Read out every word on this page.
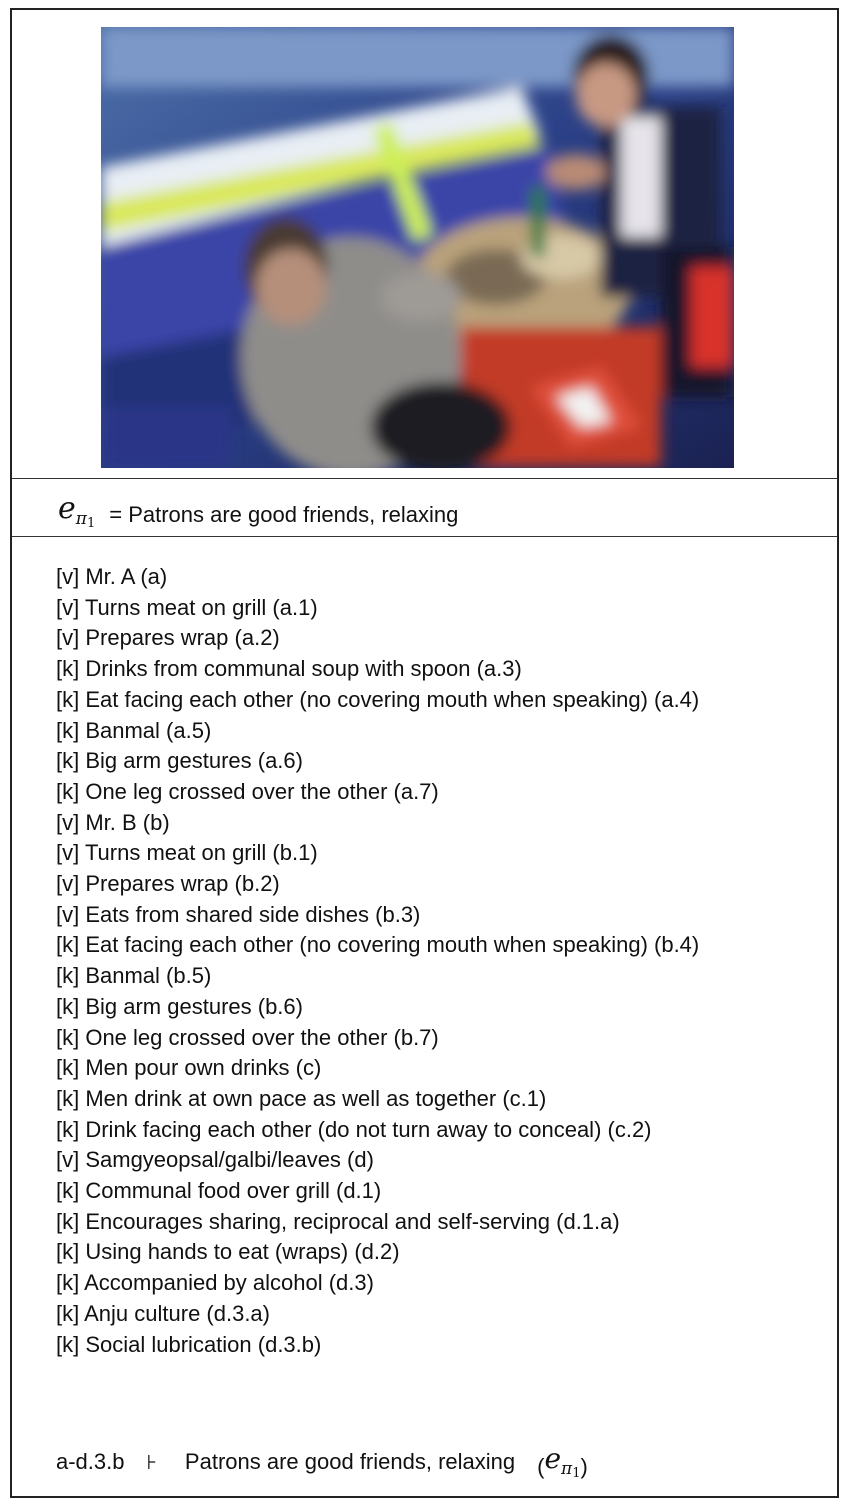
$e_{\pi 1}$ = Patrons are good friends, relaxing
[v] Mr. A (a)
[v] Turns meat on grill (a.1)
[v] Prepares wrap (a.2)
[k] Drinks from communal soup with spoon (a.3)
[k] Eat facing each other (no covering mouth when speaking) (a.4)
[k] Banmal (a.5)
[k] Big arm gestures (a.6)
[k] One leg crossed over the other (a.7)
[v] Mr. B (b)
[v] Turns meat on grill (b.1)
[v] Prepares wrap (b.2)
[v] Eats from shared side dishes (b.3)
[k] Eat facing each other (no covering mouth when speaking) (b.4)
[k] Banmal (b.5)
[k] Big arm gestures (b.6)
[k] One leg crossed over the other (b.7)
[k] Men pour own drinks (c)
[k] Men drink at own pace as well as together (c.1)
[k] Drink facing each other (do not turn away to conceal) (c.2)
[v] Samgyeopsal/galbi/leaves (d)
[k] Communal food over grill (d.1)
[k] Encourages sharing, reciprocal and self-serving (d.1.a)
[k] Using hands to eat (wraps) (d.2)
[k] Accompanied by alcohol (d.3)
[k] Anju culture (d.3.a)
[k] Social lubrication (d.3.b)
a-d.3.b ⊦ Patrons are good friends, relaxing ( $e_{\pi 1}$ )
